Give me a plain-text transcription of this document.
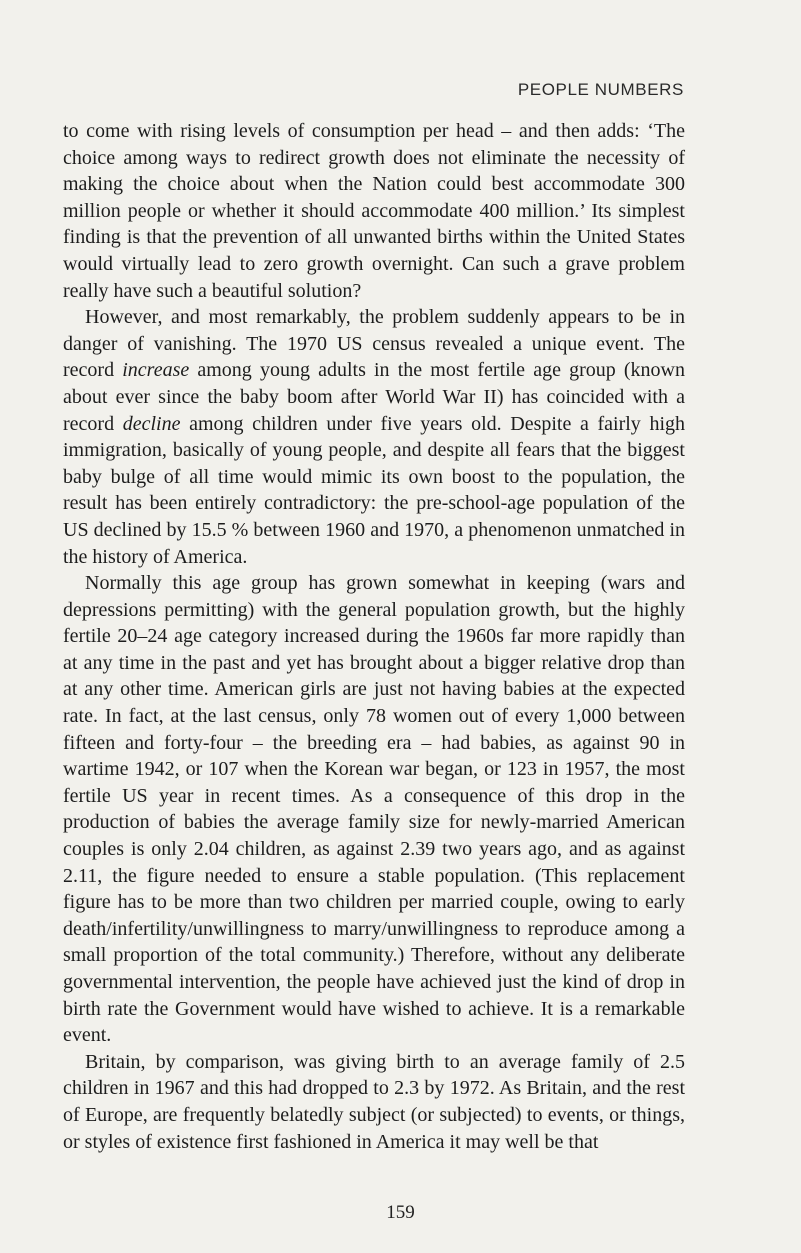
PEOPLE NUMBERS

to come with rising levels of consumption per head – and then adds: ‘The choice among ways to redirect growth does not eliminate the necessity of making the choice about when the Nation could best accommodate 300 million people or whether it should accommodate 400 million.’ Its simplest finding is that the prevention of all unwanted births within the United States would virtually lead to zero growth overnight. Can such a grave problem really have such a beautiful solution?

However, and most remarkably, the problem suddenly appears to be in danger of vanishing. The 1970 US census revealed a unique event. The record increase among young adults in the most fertile age group (known about ever since the baby boom after World War II) has coincided with a record decline among children under five years old. Despite a fairly high immigration, basically of young people, and despite all fears that the biggest baby bulge of all time would mimic its own boost to the population, the result has been entirely contradictory: the pre-school-age population of the US declined by 15.5 % between 1960 and 1970, a phenomenon unmatched in the history of America.

Normally this age group has grown somewhat in keeping (wars and depressions permitting) with the general population growth, but the highly fertile 20–24 age category increased during the 1960s far more rapidly than at any time in the past and yet has brought about a bigger relative drop than at any other time. American girls are just not having babies at the expected rate. In fact, at the last census, only 78 women out of every 1,000 between fifteen and forty-four – the breeding era – had babies, as against 90 in wartime 1942, or 107 when the Korean war began, or 123 in 1957, the most fertile US year in recent times. As a consequence of this drop in the production of babies the average family size for newly-married American couples is only 2.04 children, as against 2.39 two years ago, and as against 2.11, the figure needed to ensure a stable population. (This replacement figure has to be more than two children per married couple, owing to early death/infertility/unwillingness to marry/unwillingness to reproduce among a small proportion of the total community.) Therefore, without any deliberate governmental intervention, the people have achieved just the kind of drop in birth rate the Government would have wished to achieve. It is a remarkable event.

Britain, by comparison, was giving birth to an average family of 2.5 children in 1967 and this had dropped to 2.3 by 1972. As Britain, and the rest of Europe, are frequently belatedly subject (or subjected) to events, or things, or styles of existence first fashioned in America it may well be that

159
